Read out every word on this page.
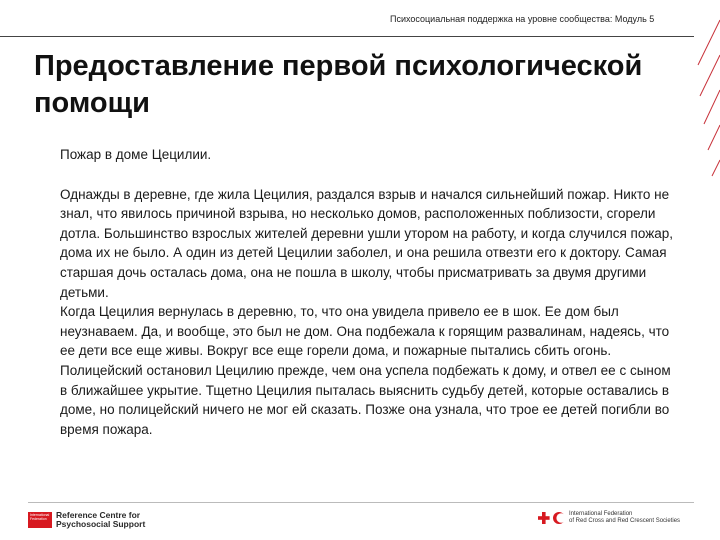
Психосоциальная поддержка на уровне сообщества: Модуль 5
Предоставление первой психологической помощи

Пожар в доме Цецилии.

Однажды в деревне, где жила Цецилия, раздался взрыв и начался сильнейший пожар. Никто не знал, что явилось причиной взрыва, но несколько домов, расположенных поблизости, сгорели дотла. Большинство взрослых жителей деревни ушли утором на работу, и когда случился пожар, дома их не было. А один из детей Цецилии заболел, и она решила отвезти его к доктору. Самая старшая дочь осталась дома, она не пошла в школу, чтобы присматривать за двумя другими детьми.

Когда Цецилия вернулась в деревню, то, что она увидела привело ее в шок. Ее дом был неузнаваем. Да, и вообще, это был не дом. Она подбежала к горящим развалинам, надеясь, что ее дети все еще живы. Вокруг все еще горели дома, и пожарные пытались сбить огонь. Полицейский остановил Цецилию прежде, чем она успела подбежать к дому, и отвел ее с сыном в ближайшее укрытие. Тщетно Цецилия пыталась выяснить судьбу детей, которые оставались в доме, но полицейский ничего не мог ей сказать. Позже она узнала, что трое ее детей погибли во время пожара.

International Federation	Reference Centre for
Psychosocial Support
International Federation
of Red Cross and Red Crescent Societies
